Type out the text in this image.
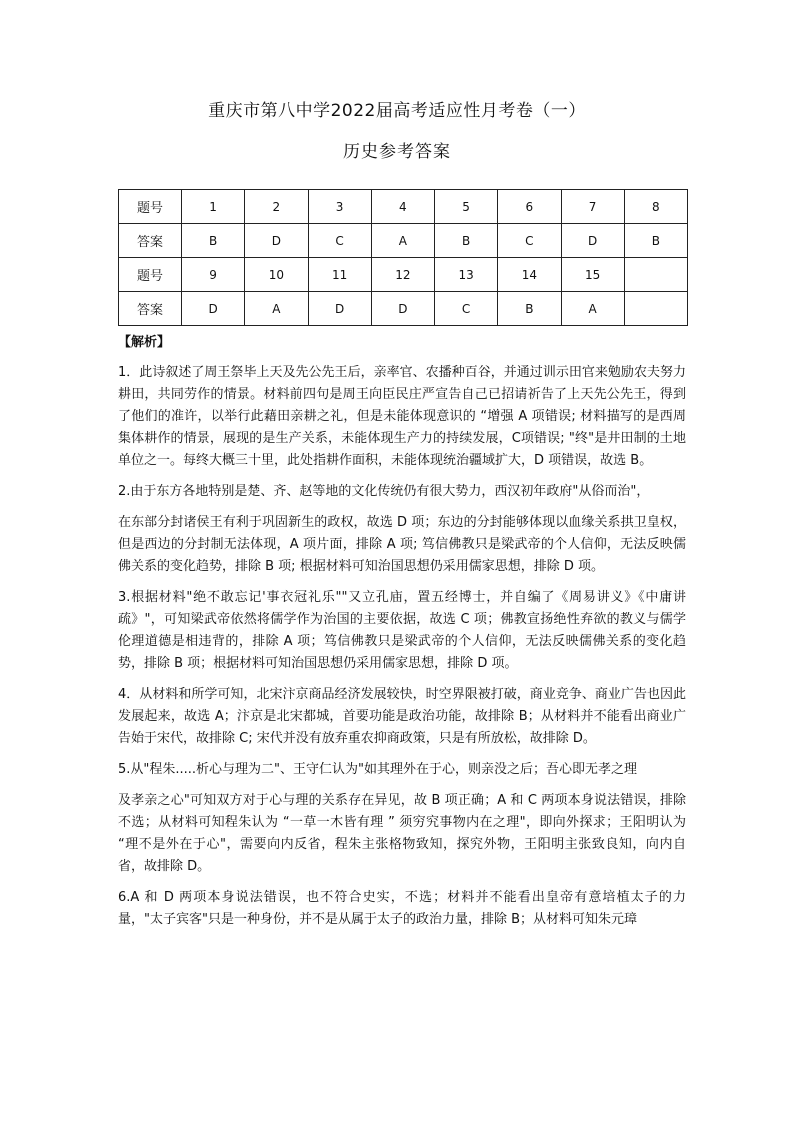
重庆市第八中学2022届高考适应性月考卷（一）
历史参考答案
题号	1	2	3	4	5	6	7	8
答案	B	D	C	A	B	C	D	B
题号	9	10	11	12	13	14	15	
答案	D	A	D	D	C	B	A	
【解析】

1．此诗叙述了周王祭毕上天及先公先王后，亲率官、农播种百谷，并通过训示田官来勉励农夫努力耕田，共同劳作的情景。材料前四句是周王向臣民庄严宣告自己已招请祈告了上天先公先王，得到了他们的准许，以举行此藉田亲耕之礼，但是未能体现意识的 “增强 A 项错误; 材料描写的是西周集体耕作的情景，展现的是生产关系，未能体现生产力的持续发展，C项错误; "终"是井田制的土地单位之一。每终大概三十里，此处指耕作面积，未能体现统治疆域扩大，D 项错误，故选 B。

2.由于东方各地特别是楚、齐、赵等地的文化传统仍有很大势力，西汉初年政府"从俗而治"，

在东部分封诸侯王有利于巩固新生的政权，故选 D 项；东边的分封能够体现以血缘关系拱卫皇权，但是西边的分封制无法体现，A 项片面，排除 A 项; 笃信佛教只是梁武帝的个人信仰，无法反映儒佛关系的变化趋势，排除 B 项; 根据材料可知治国思想仍采用儒家思想，排除 D 项。

3.根据材料"绝不敢忘记'事衣冠礼乐""又立孔庙，置五经博士，并自编了《周易讲义》《中庸讲疏》"，可知梁武帝依然将儒学作为治国的主要依据，故选 C 项；佛教宣扬绝性弃欲的教义与儒学伦理道德是相违背的，排除 A 项；笃信佛教只是梁武帝的个人信仰，无法反映儒佛关系的变化趋势，排除 B 项；根据材料可知治国思想仍采用儒家思想，排除 D 项。

4．从材料和所学可知，北宋汴京商品经济发展较快，时空界限被打破，商业竞争、商业广告也因此发展起来，故选 A；汴京是北宋都城，首要功能是政治功能，故排除 B；从材料并不能看出商业广告始于宋代，故排除 C; 宋代并没有放弃重农抑商政策，只是有所放松，故排除 D。

5.从"程朱.....析心与理为二"、王守仁认为"如其理外在于心，则亲没之后；吾心即无孝之理

及孝亲之心"可知双方对于心与理的关系存在异见，故 B 项正确；A 和 C 两项本身说法错误，排除不选；从材料可知程朱认为 “一草一木皆有理 ” 须穷究事物内在之理"，即向外探求；王阳明认为 “理不是外在于心"，需要向内反省，程朱主张格物致知，探究外物，王阳明主张致良知，向内自省，故排除 D。

6.A 和 D 两项本身说法错误，也不符合史实，不选；材料并不能看出皇帝有意培植太子的力量，"太子宾客"只是一种身份，并不是从属于太子的政治力量，排除 B；从材料可知朱元璋
